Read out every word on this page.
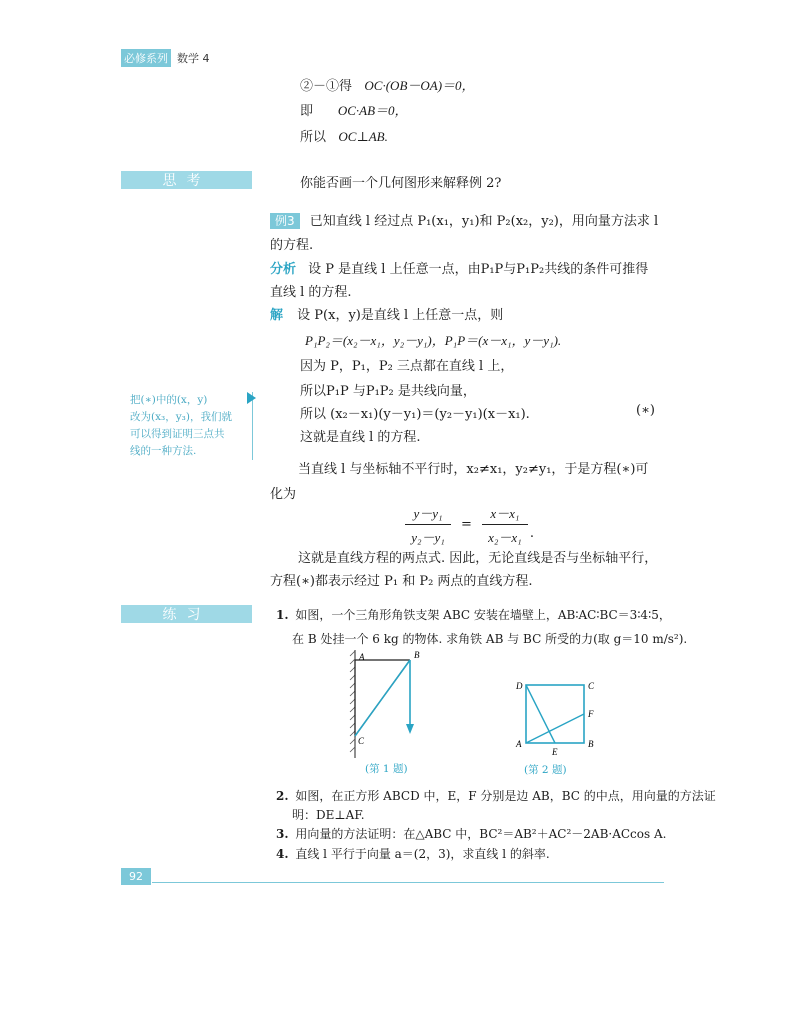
必修系列 数学 4
②－①得 OC·(OB－OA)＝0，
即 OC·AB＝0，
所以 OC⊥AB.
思考	你能否画一个几何图形来解释例 2?
例3 已知直线 l 经过点 P₁(x₁，y₁)和 P₂(x₂，y₂)，用向量方法求 l
的方程.
分析 设 P 是直线 l 上任意一点，由P₁P与P₁P₂共线的条件可推得
直线 l 的方程.
解 设 P(x，y)是直线 l 上任意一点，则
P₁P₂＝(x₂－x₁，y₂－y₁)，P₁P＝(x－x₁，y－y₁).
因为 P，P₁，P₂ 三点都在直线 l 上，
所以P₁P 与P₁P₂ 是共线向量，
所以 (x₂－x₁)(y－y₁)＝(y₂－y₁)(x－x₁).	(∗)
这就是直线 l 的方程.
把(∗)中的(x，y)
改为(x₃，y₃)，我们就
可以得到证明三点共
线的一种方法.
当直线 l 与坐标轴不平行时，x₂≠x₁，y₂≠y₁，于是方程(∗)可
化为
y－y₁
y₂－y₁
=
x－x₁
x₂－x₁ .
这就是直线方程的两点式. 因此，无论直线是否与坐标轴平行，
方程(∗)都表示经过 P₁ 和 P₂ 两点的直线方程.
练习	1. 如图，一个三角形角铁支架 ABC 安装在墙壁上，AB∶AC∶BC＝3∶4∶5，
在 B 处挂一个 6 kg 的物体. 求角铁 AB 与 BC 所受的力(取 g＝10 m/s²).
A	B
C
(第 1 题)
D	C
F
A
E
B
(第 2 题)
2. 如图，在正方形 ABCD 中，E，F 分别是边 AB，BC 的中点，用向量的方法证
明：DE⊥AF.
3. 用向量的方法证明：在△ABC 中，BC²＝AB²＋AC²－2AB·ACcos A.
4. 直线 l 平行于向量 a＝(2，3)，求直线 l 的斜率.
92
